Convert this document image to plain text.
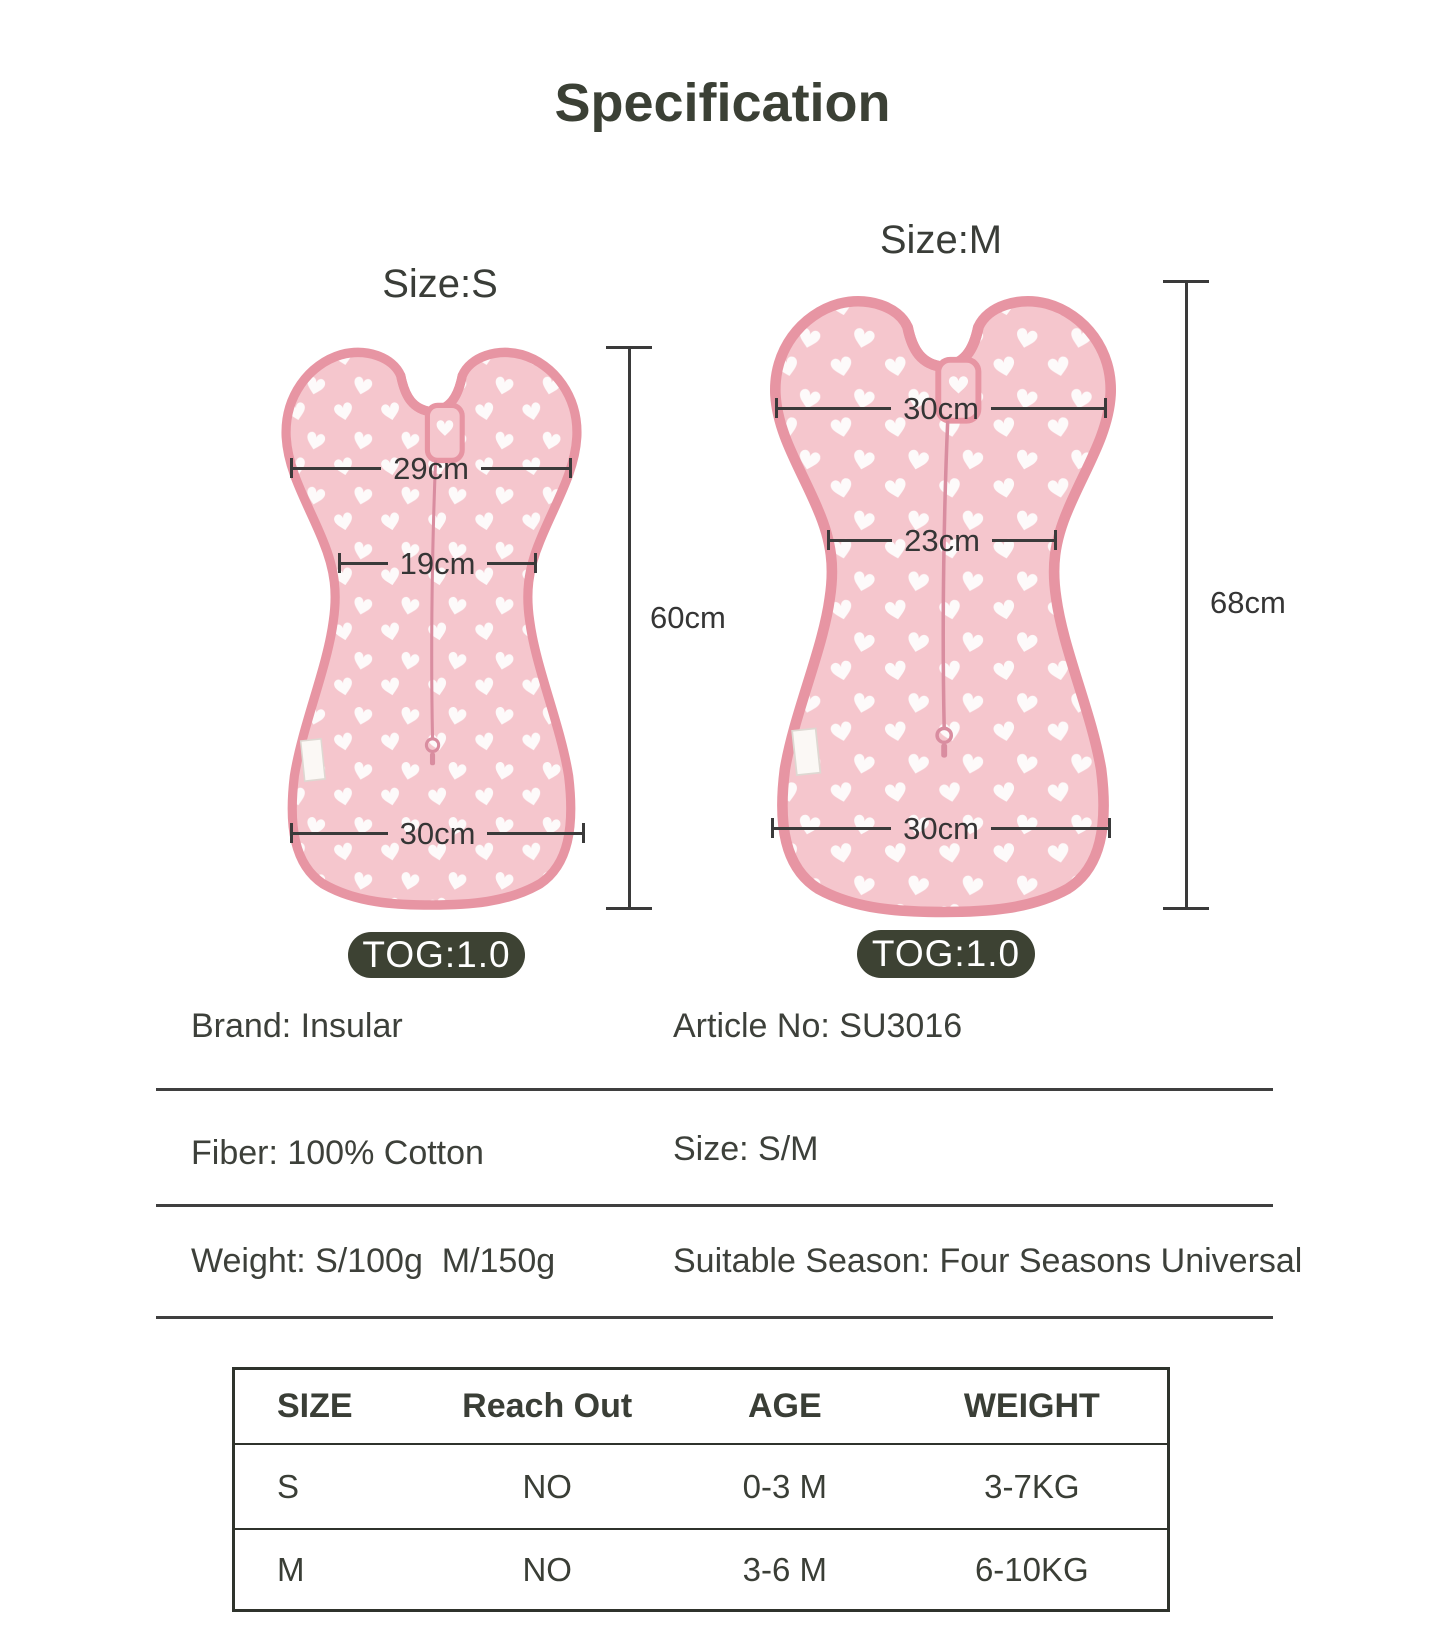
Specification
Size:S
29cm
19cm
30cm
60cm
TOG:1.0
Size:M
30cm
23cm
30cm
68cm
TOG:1.0
Brand: Insular	Article No: SU3016
Fiber: 100% Cotton	Size: S/M
Weight: S/100g  M/150g	Suitable Season: Four Seasons Universal
SIZE	Reach Out	AGE	WEIGHT
S	NO	0-3 M	3-7KG
M	NO	3-6 M	6-10KG
